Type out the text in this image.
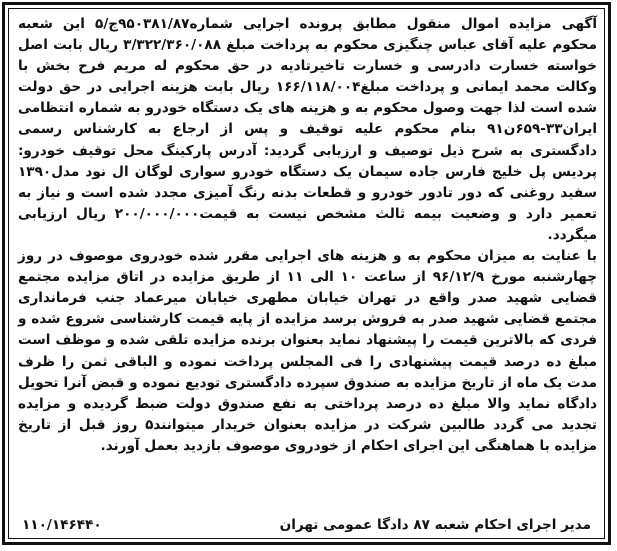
آگهی مزایده اموال منقول مطابق پرونده اجرایی شماره۹۵۰۳۸۱/۸۷ج/۵ این شعبه محکوم علیه آقای عباس چنگیزی محکوم به پرداخت مبلغ ۳/۳۲۲/۳۶۰/۰۸۸ ریال بابت اصل خواسته خسارت دادرسی و خسارت تاخیرتادیه در حق محکوم له مریم فرح بخش با وکالت محمد ایمانی و پرداخت مبلغ۱۶۶/۱۱۸/۰۰۴ ریال بابت هزینه اجرایی در حق دولت شده است لذا جهت وصول محکوم به و هزینه های یک دستگاه خودرو به شماره انتظامی ایران۳۳-۶۵۹ن۹۱ بنام محکوم علیه توقیف و پس از ارجاع به کارشناس رسمی دادگستری به شرح ذیل توصیف و ارزیابی گردید: آدرس پارکینگ محل توقیف خودرو: پردیس پل خلیج فارس جاده سیمان یک دستگاه خودرو سواری لوگان ال نود مدل۱۳۹۰ سفید روغنی که دور تادور خودرو و قطعات بدنه رنگ آمیزی مجدد شده است و نیاز به تعمیر دارد و وضعیت بیمه ثالث مشخص نیست به قیمت۲۰۰/۰۰۰/۰۰۰ ریال ارزیابی میگردد.

با عنایت به میزان محکوم به و هزینه های اجرایی مقرر شده خودروی موصوف در روز چهارشنبه مورخ ۹۶/۱۲/۹ از ساعت ۱۰ الی ۱۱ از طریق مزایده در اتاق مزایده مجتمع قضایی شهید صدر واقع در تهران خیابان مطهری خیابان میرعماد جنب فرمانداری مجتمع قضایی شهید صدر به فروش برسد مزایده از پایه قیمت کارشناسی شروع شده و فردی که بالاترین قیمت را پیشنهاد نماید بعنوان برنده مزایده تلقی شده و موظف است مبلغ ده درصد قیمت پیشنهادی را فی المجلس پرداخت نموده و الباقی ثمن را ظرف مدت یک ماه از تاریخ مزایده به صندوق سپرده دادگستری تودیع نموده و قبض آنرا تحویل دادگاه نماید والا مبلغ ده درصد پرداختی به نفع صندوق دولت ضبط گردیده و مزایده تجدید می گردد طالبین شرکت در مزایده بعنوان خریدار میتوانند۵ روز قبل از تاریخ مزایده با هماهنگی این اجرای احکام از خودروی موصوف بازدید بعمل آورند.

مدیر اجرای احکام شعبه ۸۷ دادگا عمومی تهران
۱۱۰/۱۴۶۴۴۰
